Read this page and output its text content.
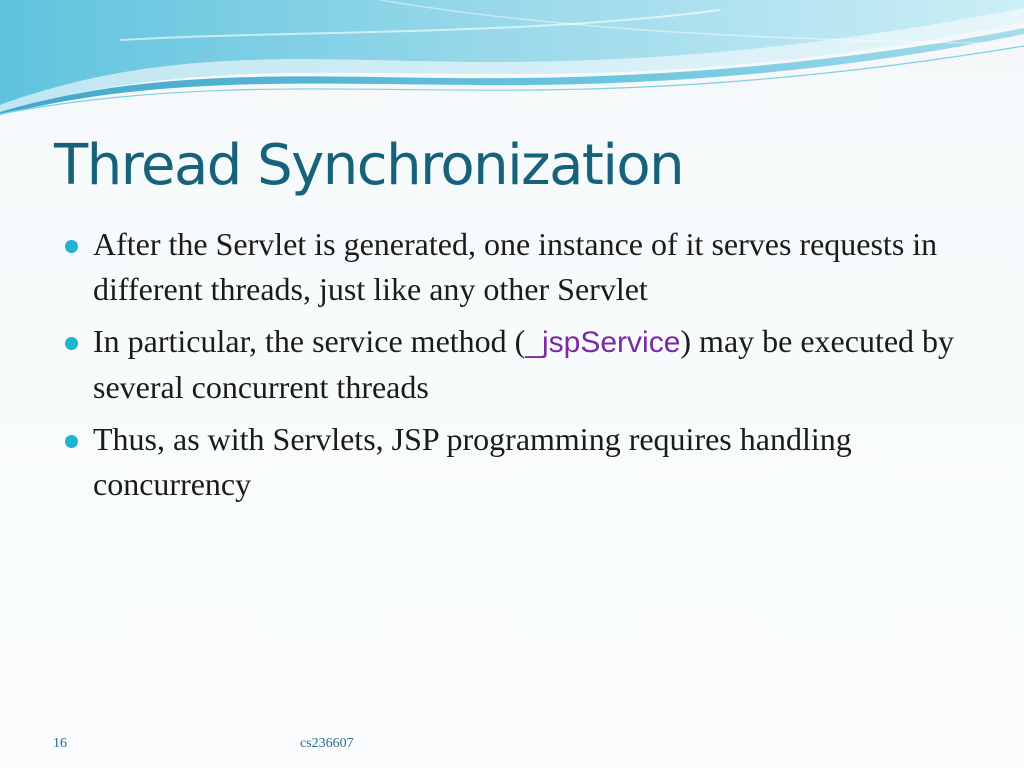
Thread Synchronization
After the Servlet is generated, one instance of it serves requests in different threads, just like any other Servlet
In particular, the service method (_jspService) may be executed by several concurrent threads
Thus, as with Servlets, JSP programming requires handling concurrency
16	cs236607
